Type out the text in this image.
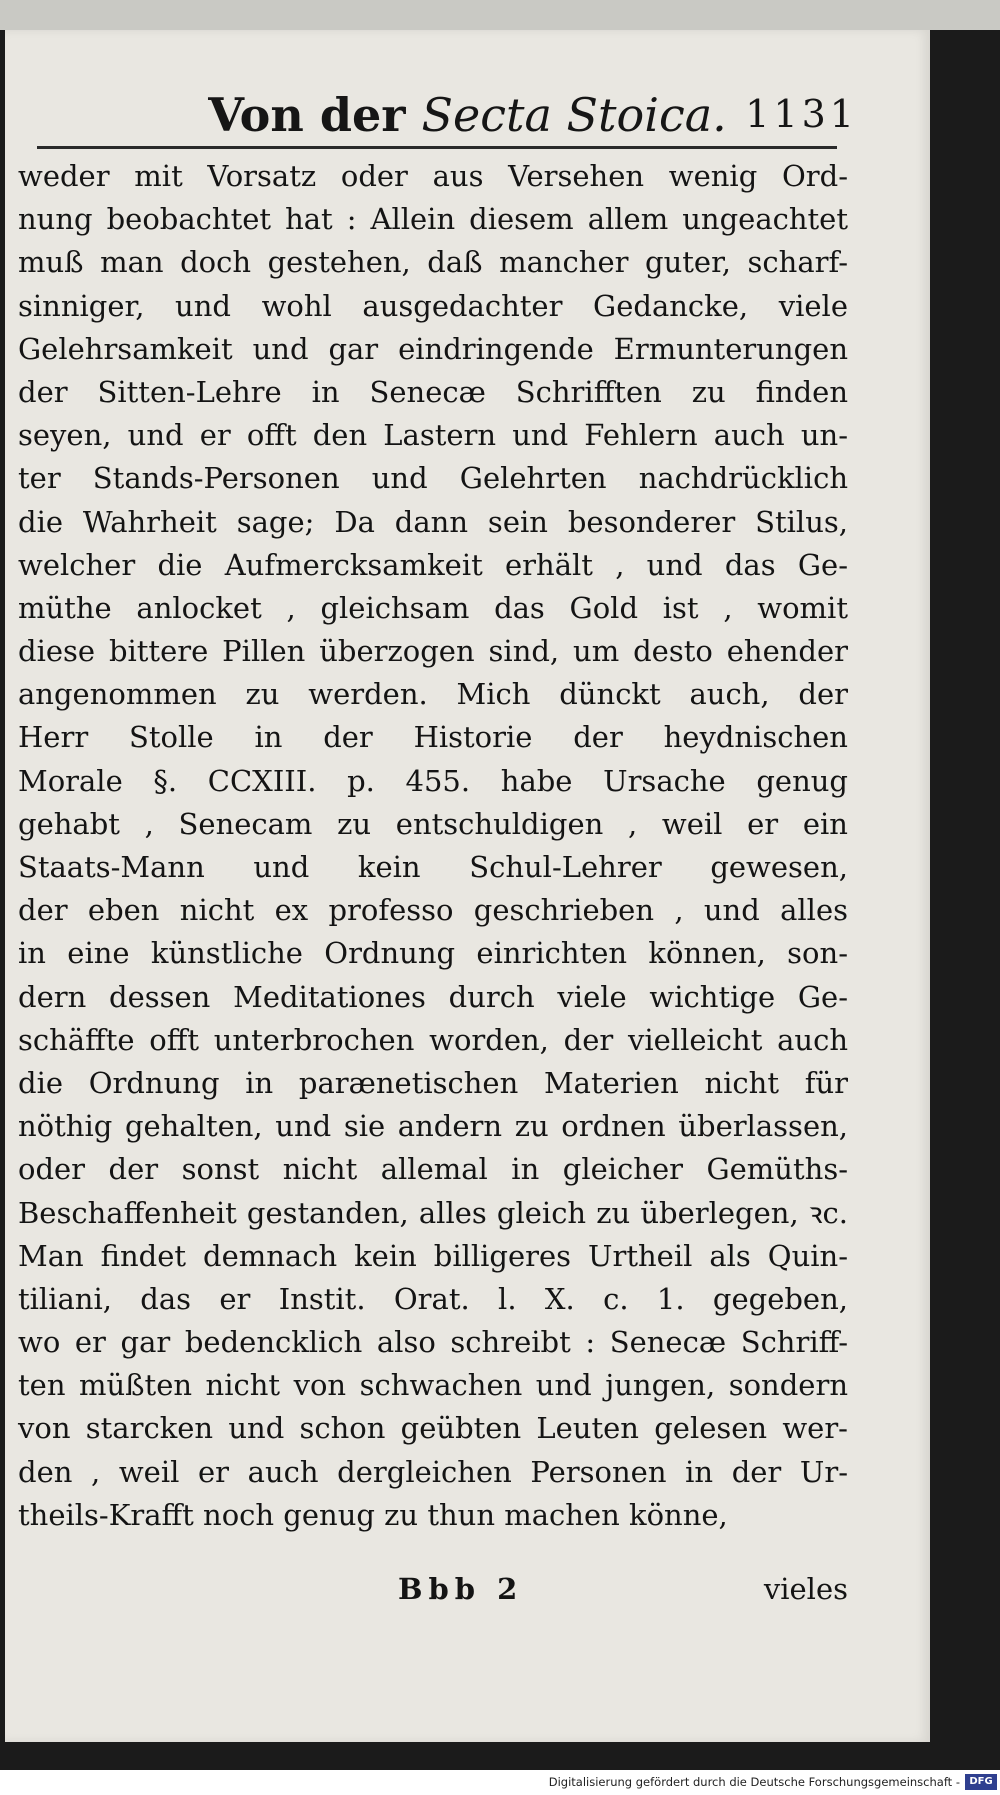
Von der Secta Stoica. 1131
weder mit Vorsatz oder aus Versehen wenig Ord-
nung beobachtet hat : Allein diesem allem ungeachtet
muß man doch gestehen, daß mancher guter, scharf-
sinniger, und wohl ausgedachter Gedancke, viele
Gelehrsamkeit und gar eindringende Ermunterungen
der Sitten-Lehre in Senecæ Schrifften zu finden
seyen, und er offt den Lastern und Fehlern auch un-
ter Stands-Personen und Gelehrten nachdrücklich
die Wahrheit sage; Da dann sein besonderer Stilus,
welcher die Aufmercksamkeit erhält , und das Ge-
müthe anlocket , gleichsam das Gold ist , womit
diese bittere Pillen überzogen sind, um desto ehender
angenommen zu werden. Mich dünckt auch, der
Herr Stolle in der Historie der heydnischen
Morale §. CCXIII. p. 455. habe Ursache genug
gehabt , Senecam zu entschuldigen , weil er ein
Staats-Mann und kein Schul-Lehrer gewesen,
der eben nicht ex professo geschrieben , und alles
in eine künstliche Ordnung einrichten können, son-
dern dessen Meditationes durch viele wichtige Ge-
schäffte offt unterbrochen worden, der vielleicht auch
die Ordnung in parænetischen Materien nicht für
nöthig gehalten, und sie andern zu ordnen überlassen,
oder der sonst nicht allemal in gleicher Gemüths-
Beschaffenheit gestanden, alles gleich zu überlegen, ꝛc.
Man findet demnach kein billigeres Urtheil als Quin-
tiliani, das er Instit. Orat. l. X. c. 1. gegeben,
wo er gar bedencklich also schreibt : Senecæ Schriff-
ten müßten nicht von schwachen und jungen, sondern
von starcken und schon geübten Leuten gelesen wer-
den , weil er auch dergleichen Personen in der Ur-
theils-Krafft noch genug zu thun machen könne,
Bbb 2	vieles
Digitalisierung gefördert durch die Deutsche Forschungsgemeinschaft - DFG
